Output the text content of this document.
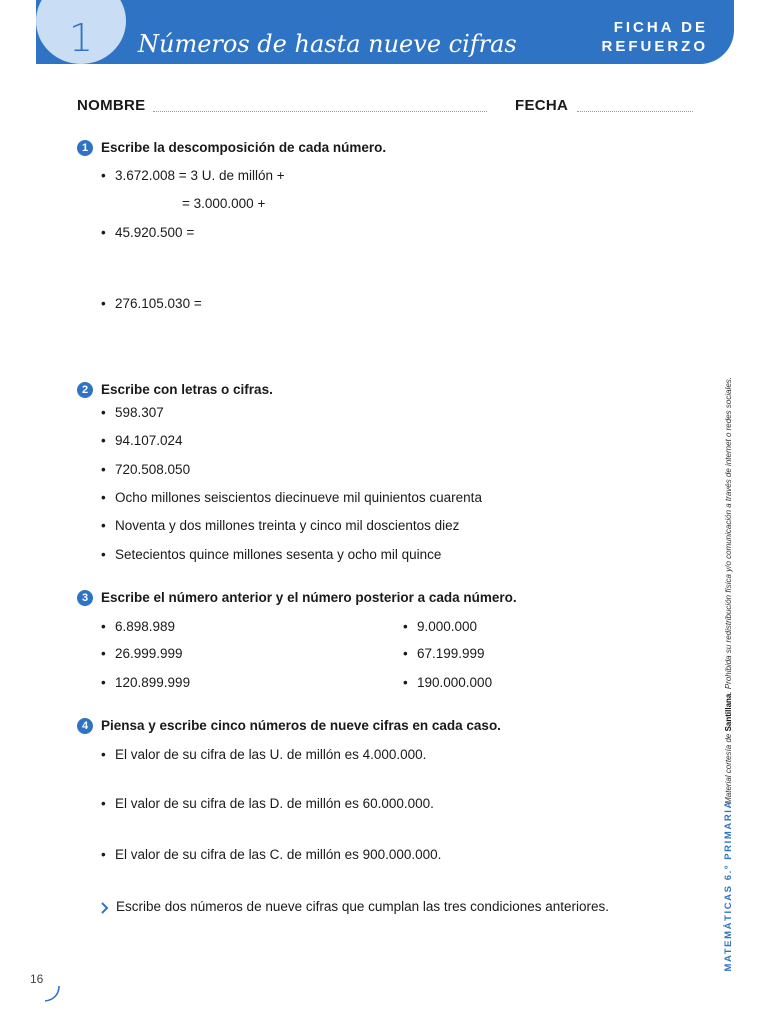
1	Números de hasta nueve cifras
FICHA DE
REFUERZO
NOMBRE	FECHA
1 Escribe la descomposición de cada número.
• 3.672.008 = 3 U. de millón +
= 3.000.000 +
• 45.920.500 =
• 276.105.030 =
2 Escribe con letras o cifras.
• 598.307
• 94.107.024
• 720.508.050
• Ocho millones seiscientos diecinueve mil quinientos cuarenta
• Noventa y dos millones treinta y cinco mil doscientos diez
• Setecientos quince millones sesenta y ocho mil quince
3 Escribe el número anterior y el número posterior a cada número.
• 6.898.989
• 26.999.999
• 120.899.999
• 9.000.000
• 67.199.999
• 190.000.000
4 Piensa y escribe cinco números de nueve cifras en cada caso.
• El valor de su cifra de las U. de millón es 4.000.000.
• El valor de su cifra de las D. de millón es 60.000.000.
• El valor de su cifra de las C. de millón es 900.000.000.
Escribe dos números de nueve cifras que cumplan las tres condiciones anteriores.	MATEMÁTICAS 6.º PRIMARIA
Material cortesía de Santillana. Prohibida su redistribución física y/o comunicación a través de internet o redes sociales.
16
